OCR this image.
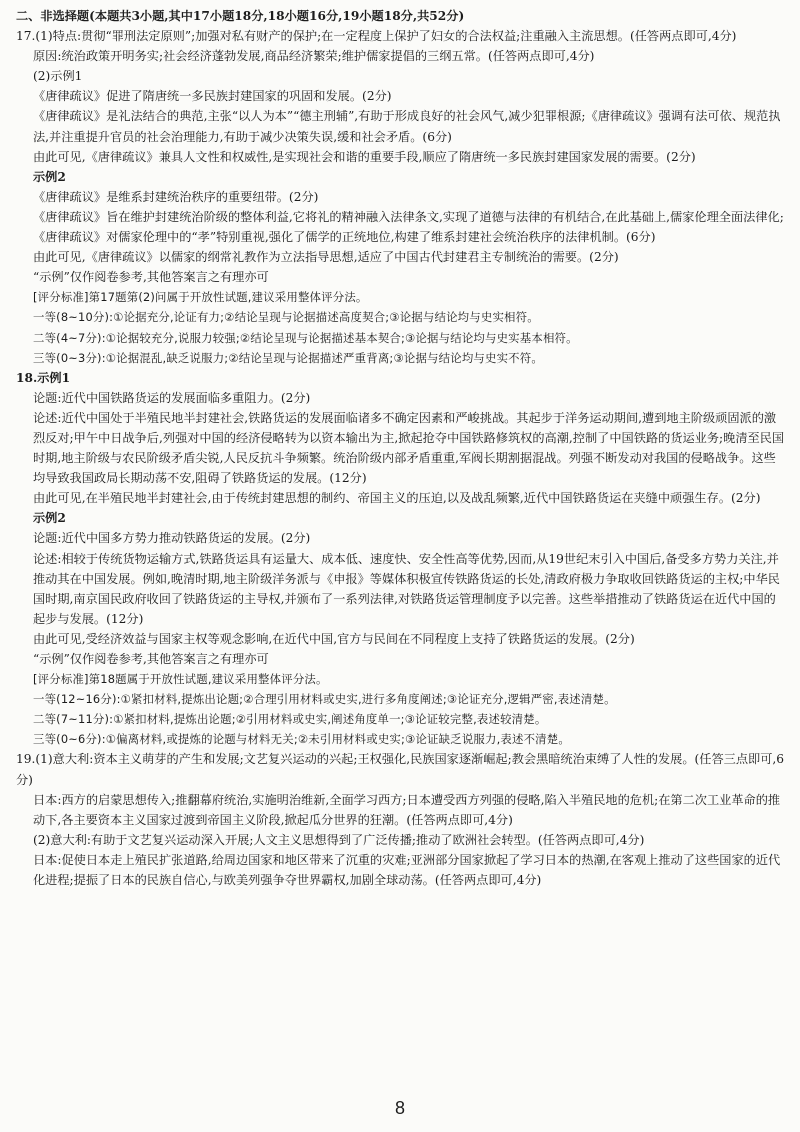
二、非选择题(本题共3小题,其中17小题18分,18小题16分,19小题18分,共52分)

17.(1)特点:贯彻“罪刑法定原则”;加强对私有财产的保护;在一定程度上保护了妇女的合法权益;注重融入主流思想。(任答两点即可,4分)

原因:统治政策开明务实;社会经济蓬勃发展,商品经济繁荣;维护儒家提倡的三纲五常。(任答两点即可,4分)

(2)示例1

《唐律疏议》促进了隋唐统一多民族封建国家的巩固和发展。(2分)

《唐律疏议》是礼法结合的典范,主张“以人为本”“德主刑辅”,有助于形成良好的社会风气,减少犯罪根源;《唐律疏议》强调有法可依、规范执法,并注重提升官员的社会治理能力,有助于减少决策失误,缓和社会矛盾。(6分)

由此可见,《唐律疏议》兼具人文性和权威性,是实现社会和谐的重要手段,顺应了隋唐统一多民族封建国家发展的需要。(2分)

示例2

《唐律疏议》是维系封建统治秩序的重要纽带。(2分)

《唐律疏议》旨在维护封建统治阶级的整体利益,它将礼的精神融入法律条文,实现了道德与法律的有机结合,在此基础上,儒家伦理全面法律化;《唐律疏议》对儒家伦理中的“孝”特别重视,强化了儒学的正统地位,构建了维系封建社会统治秩序的法律机制。(6分)

由此可见,《唐律疏议》以儒家的纲常礼教作为立法指导思想,适应了中国古代封建君主专制统治的需要。(2分)

“示例”仅作阅卷参考,其他答案言之有理亦可

[评分标准]第17题第(2)问属于开放性试题,建议采用整体评分法。

一等(8~10分):①论据充分,论证有力;②结论呈现与论据描述高度契合;③论据与结论均与史实相符。

二等(4~7分):①论据较充分,说服力较强;②结论呈现与论据描述基本契合;③论据与结论均与史实基本相符。

三等(0~3分):①论据混乱,缺乏说服力;②结论呈现与论据描述严重背离;③论据与结论均与史实不符。

18.示例1

论题:近代中国铁路货运的发展面临多重阻力。(2分)

论述:近代中国处于半殖民地半封建社会,铁路货运的发展面临诸多不确定因素和严峻挑战。其起步于洋务运动期间,遭到地主阶级顽固派的激烈反对;甲午中日战争后,列强对中国的经济侵略转为以资本输出为主,掀起抢夺中国铁路修筑权的高潮,控制了中国铁路的货运业务;晚清至民国时期,地主阶级与农民阶级矛盾尖锐,人民反抗斗争频繁。统治阶级内部矛盾重重,军阀长期割据混战。列强不断发动对我国的侵略战争。这些均导致我国政局长期动荡不安,阻碍了铁路货运的发展。(12分)

由此可见,在半殖民地半封建社会,由于传统封建思想的制约、帝国主义的压迫,以及战乱频繁,近代中国铁路货运在夹缝中顽强生存。(2分)

示例2

论题:近代中国多方势力推动铁路货运的发展。(2分)

论述:相较于传统货物运输方式,铁路货运具有运量大、成本低、速度快、安全性高等优势,因而,从19世纪末引入中国后,备受多方势力关注,并推动其在中国发展。例如,晚清时期,地主阶级洋务派与《申报》等媒体积极宣传铁路货运的长处,清政府极力争取收回铁路货运的主权;中华民国时期,南京国民政府收回了铁路货运的主导权,并颁布了一系列法律,对铁路货运管理制度予以完善。这些举措推动了铁路货运在近代中国的起步与发展。(12分)

由此可见,受经济效益与国家主权等观念影响,在近代中国,官方与民间在不同程度上支持了铁路货运的发展。(2分)

“示例”仅作阅卷参考,其他答案言之有理亦可

[评分标准]第18题属于开放性试题,建议采用整体评分法。

一等(12~16分):①紧扣材料,提炼出论题;②合理引用材料或史实,进行多角度阐述;③论证充分,逻辑严密,表述清楚。

二等(7~11分):①紧扣材料,提炼出论题;②引用材料或史实,阐述角度单一;③论证较完整,表述较清楚。

三等(0~6分):①偏离材料,或提炼的论题与材料无关;②未引用材料或史实;③论证缺乏说服力,表述不清楚。

19.(1)意大利:资本主义萌芽的产生和发展;文艺复兴运动的兴起;王权强化,民族国家逐渐崛起;教会黑暗统治束缚了人性的发展。(任答三点即可,6分)

日本:西方的启蒙思想传入;推翻幕府统治,实施明治维新,全面学习西方;日本遭受西方列强的侵略,陷入半殖民地的危机;在第二次工业革命的推动下,各主要资本主义国家过渡到帝国主义阶段,掀起瓜分世界的狂潮。(任答两点即可,4分)

(2)意大利:有助于文艺复兴运动深入开展;人文主义思想得到了广泛传播;推动了欧洲社会转型。(任答两点即可,4分)

日本:促使日本走上殖民扩张道路,给周边国家和地区带来了沉重的灾难;亚洲部分国家掀起了学习日本的热潮,在客观上推动了这些国家的近代化进程;提振了日本的民族自信心,与欧美列强争夺世界霸权,加剧全球动荡。(任答两点即可,4分)

8
